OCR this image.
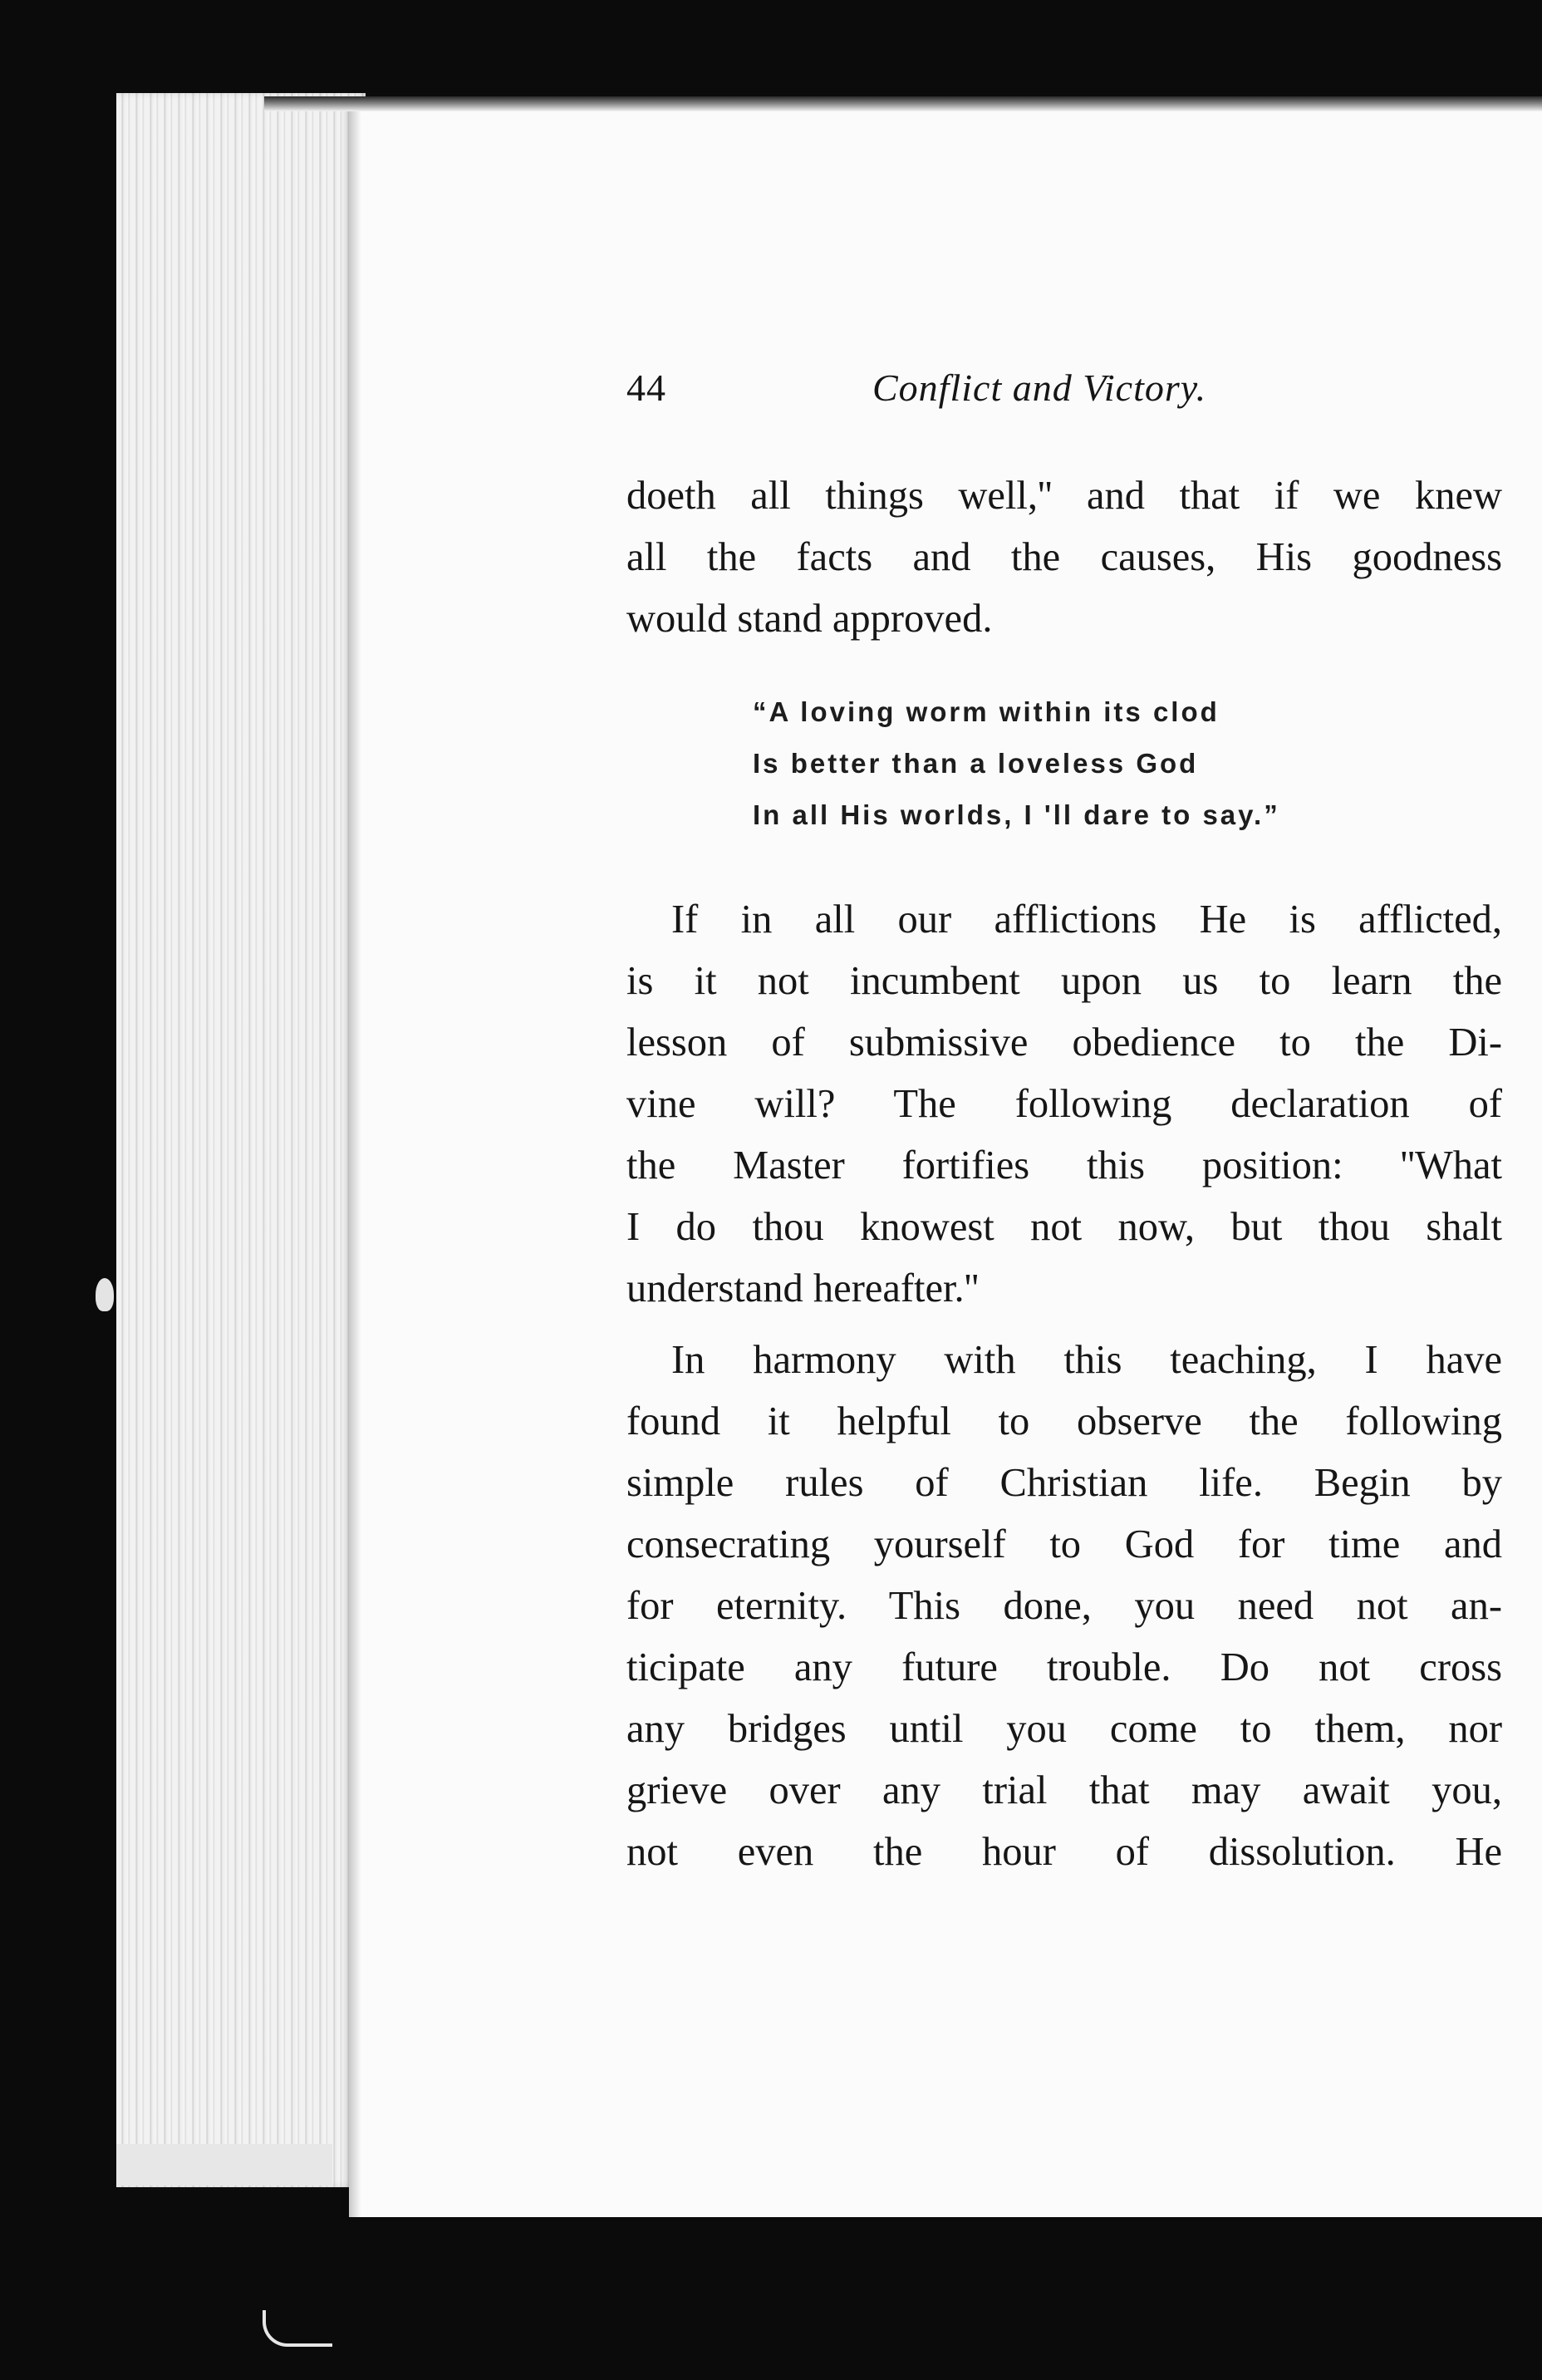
44	Conflict and Victory.
doeth all things well,'' and that if we knew
all the facts and the causes, His goodness
would stand approved.
“A loving worm within its clod
Is better than a loveless God
In all His worlds, I 'll dare to say.”
If in all our afflictions He is afflicted,
is it not incumbent upon us to learn the
lesson of submissive obedience to the Di-
vine will? The following declaration of
the Master fortifies this position: ''What
I do thou knowest not now, but thou shalt
understand hereafter.''
In harmony with this teaching, I have
found it helpful to observe the following
simple rules of Christian life. Begin by
consecrating yourself to God for time and
for eternity. This done, you need not an-
ticipate any future trouble. Do not cross
any bridges until you come to them, nor
grieve over any trial that may await you,
not even the hour of dissolution. He
